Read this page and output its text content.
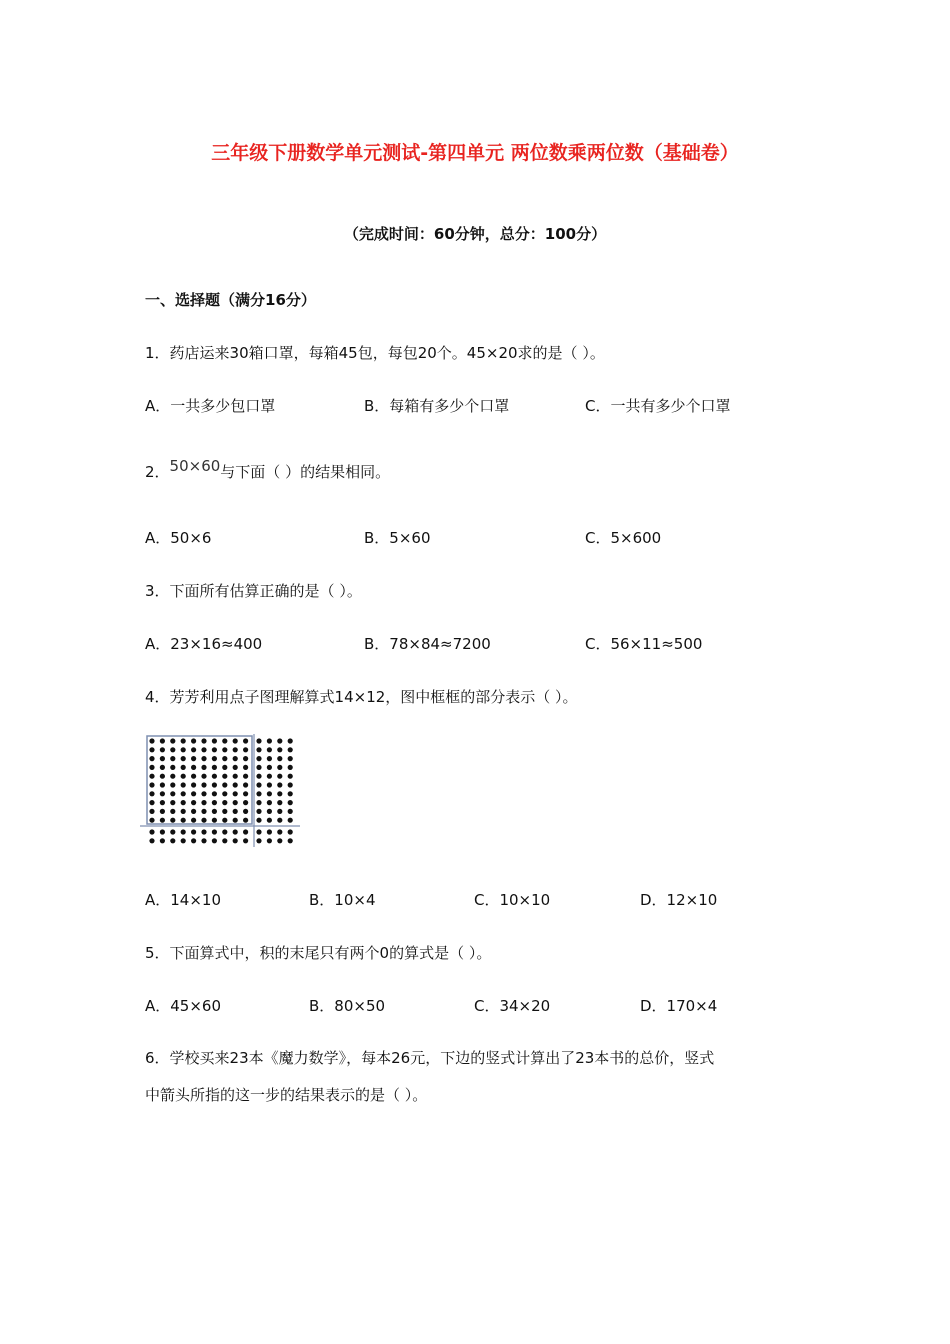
三年级下册数学单元测试-第四单元 两位数乘两位数（基础卷）
（完成时间：60分钟，总分：100分）
一、选择题（满分16分）
1．药店运来30箱口罩，每箱45包，每包20个。45×20求的是（ ）。
A．一共多少包口罩	B．每箱有多少个口罩	C．一共有多少个口罩
2．50×60与下面（ ）的结果相同。
A．50×6	B．5×60	C．5×600
3．下面所有估算正确的是（ ）。
A．23×16≈400	B．78×84≈7200	C．56×11≈500
4．芳芳利用点子图理解算式14×12，图中框框的部分表示（ ）。
A．14×10	B．10×4	C．10×10	D．12×10
5．下面算式中，积的末尾只有两个0的算式是（ ）。
A．45×60	B．80×50	C．34×20	D．170×4
6．学校买来23本《魔力数学》，每本26元，下边的竖式计算出了23本书的总价，竖式
中箭头所指的这一步的结果表示的是（ ）。
